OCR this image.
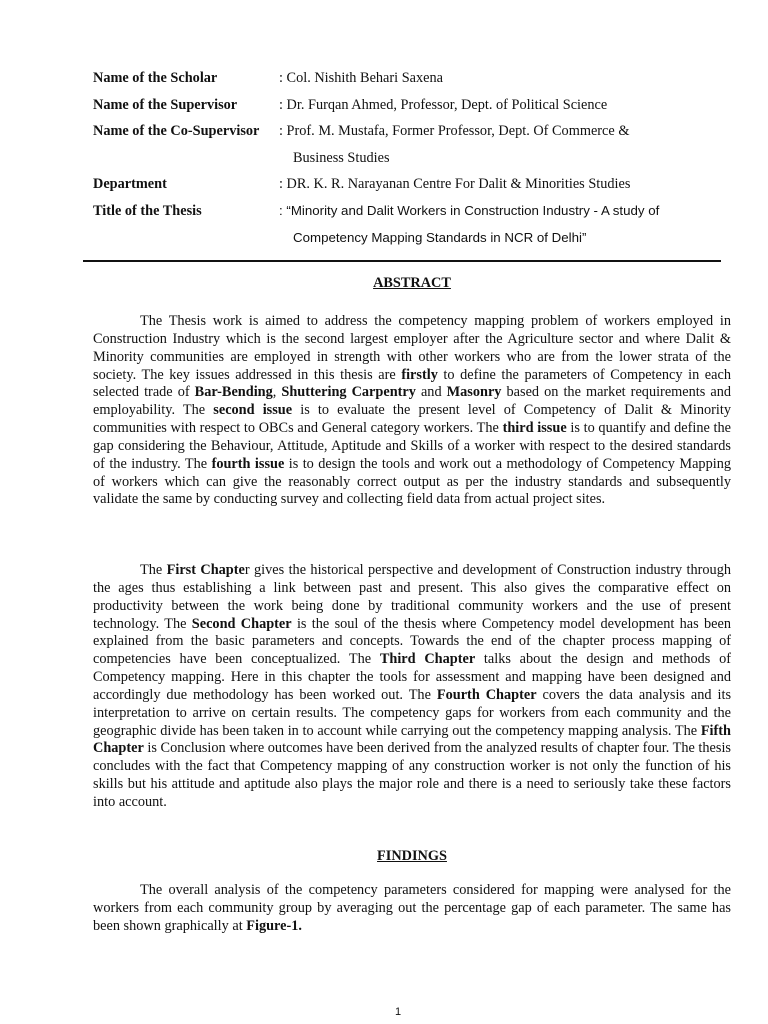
Name of the Scholar	: Col. Nishith Behari Saxena
Name of the Supervisor	: Dr. Furqan Ahmed, Professor, Dept. of Political Science
Name of the Co-Supervisor	: Prof. M. Mustafa, Former Professor, Dept. Of Commerce &
Business Studies
Department	: DR. K. R. Narayanan Centre For Dalit & Minorities Studies
Title of the Thesis	: “Minority and Dalit Workers in Construction Industry - A study of
Competency Mapping Standards in NCR of Delhi”
ABSTRACT

The Thesis work is aimed to address the competency mapping problem of workers employed in Construction Industry which is the second largest employer after the Agriculture sector and where Dalit & Minority communities are employed in strength with other workers who are from the lower strata of the society. The key issues addressed in this thesis are firstly to define the parameters of Competency in each selected trade of Bar-Bending, Shuttering Carpentry and Masonry based on the market requirements and employability. The second issue is to evaluate the present level of Competency of Dalit & Minority communities with respect to OBCs and General category workers. The third issue is to quantify and define the gap considering the Behaviour, Attitude, Aptitude and Skills of a worker with respect to the desired standards of the industry. The fourth issue is to design the tools and work out a methodology of Competency Mapping of workers which can give the reasonably correct output as per the industry standards and subsequently validate the same by conducting survey and collecting field data from actual project sites.

The First Chapter gives the historical perspective and development of Construction industry through the ages thus establishing a link between past and present. This also gives the comparative effect on productivity between the work being done by traditional community workers and the use of present technology. The Second Chapter is the soul of the thesis where Competency model development has been explained from the basic parameters and concepts. Towards the end of the chapter process mapping of competencies have been conceptualized. The Third Chapter talks about the design and methods of Competency mapping. Here in this chapter the tools for assessment and mapping have been designed and accordingly due methodology has been worked out. The Fourth Chapter covers the data analysis and its interpretation to arrive on certain results. The competency gaps for workers from each community and the geographic divide has been taken in to account while carrying out the competency mapping analysis. The Fifth Chapter is Conclusion where outcomes have been derived from the analyzed results of chapter four. The thesis concludes with the fact that Competency mapping of any construction worker is not only the function of his skills but his attitude and aptitude also plays the major role and there is a need to seriously take these factors into account.

FINDINGS

The overall analysis of the competency parameters considered for mapping were analysed for the workers from each community group by averaging out the percentage gap of each parameter. The same has been shown graphically at Figure-1.

1
